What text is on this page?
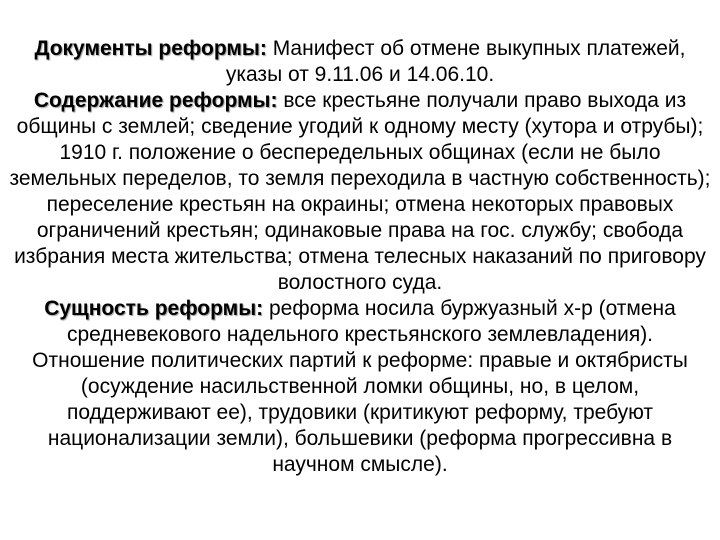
Документы реформы: Манифест об отмене выкупных платежей, указы от 9.11.06 и 14.06.10.

Содержание реформы: все крестьяне получали право выхода из общины с землей; сведение угодий к одному месту (хутора и отрубы); 1910 г. положение о беспередельных общинах (если не было земельных переделов, то земля переходила в частную собственность); переселение крестьян на окраины; отмена некоторых правовых ограничений крестьян; одинаковые права на гос. службу; свобода избрания места жительства; отмена телесных наказаний по приговору волостного суда.

Сущность реформы: реформа носила буржуазный х-р (отмена средневекового надельного крестьянского землевладения). Отношение политических партий к реформе: правые и октябристы (осуждение насильственной ломки общины, но, в целом, поддерживают ее), трудовики (критикуют реформу, требуют национализации земли), большевики (реформа прогрессивна в научном смысле).
